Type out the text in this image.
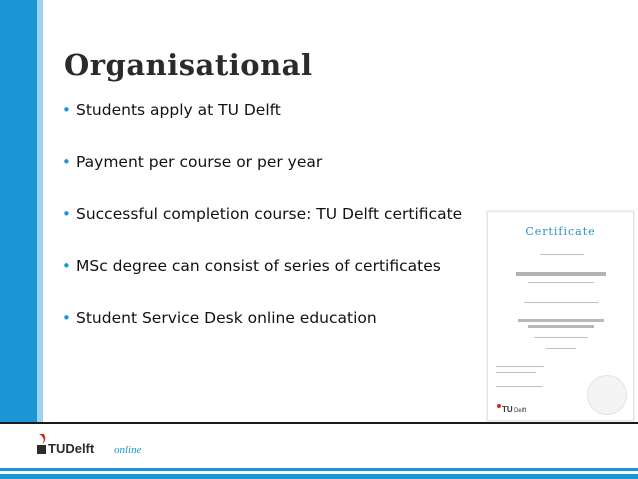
Organisational
• Students apply at TU Delft
• Payment per course or per year
• Successful completion course: TU Delft certificate
• MSc degree can consist of series of certificates
• Student Service Desk online education
Certificate
TU Delft
TUDelft online
